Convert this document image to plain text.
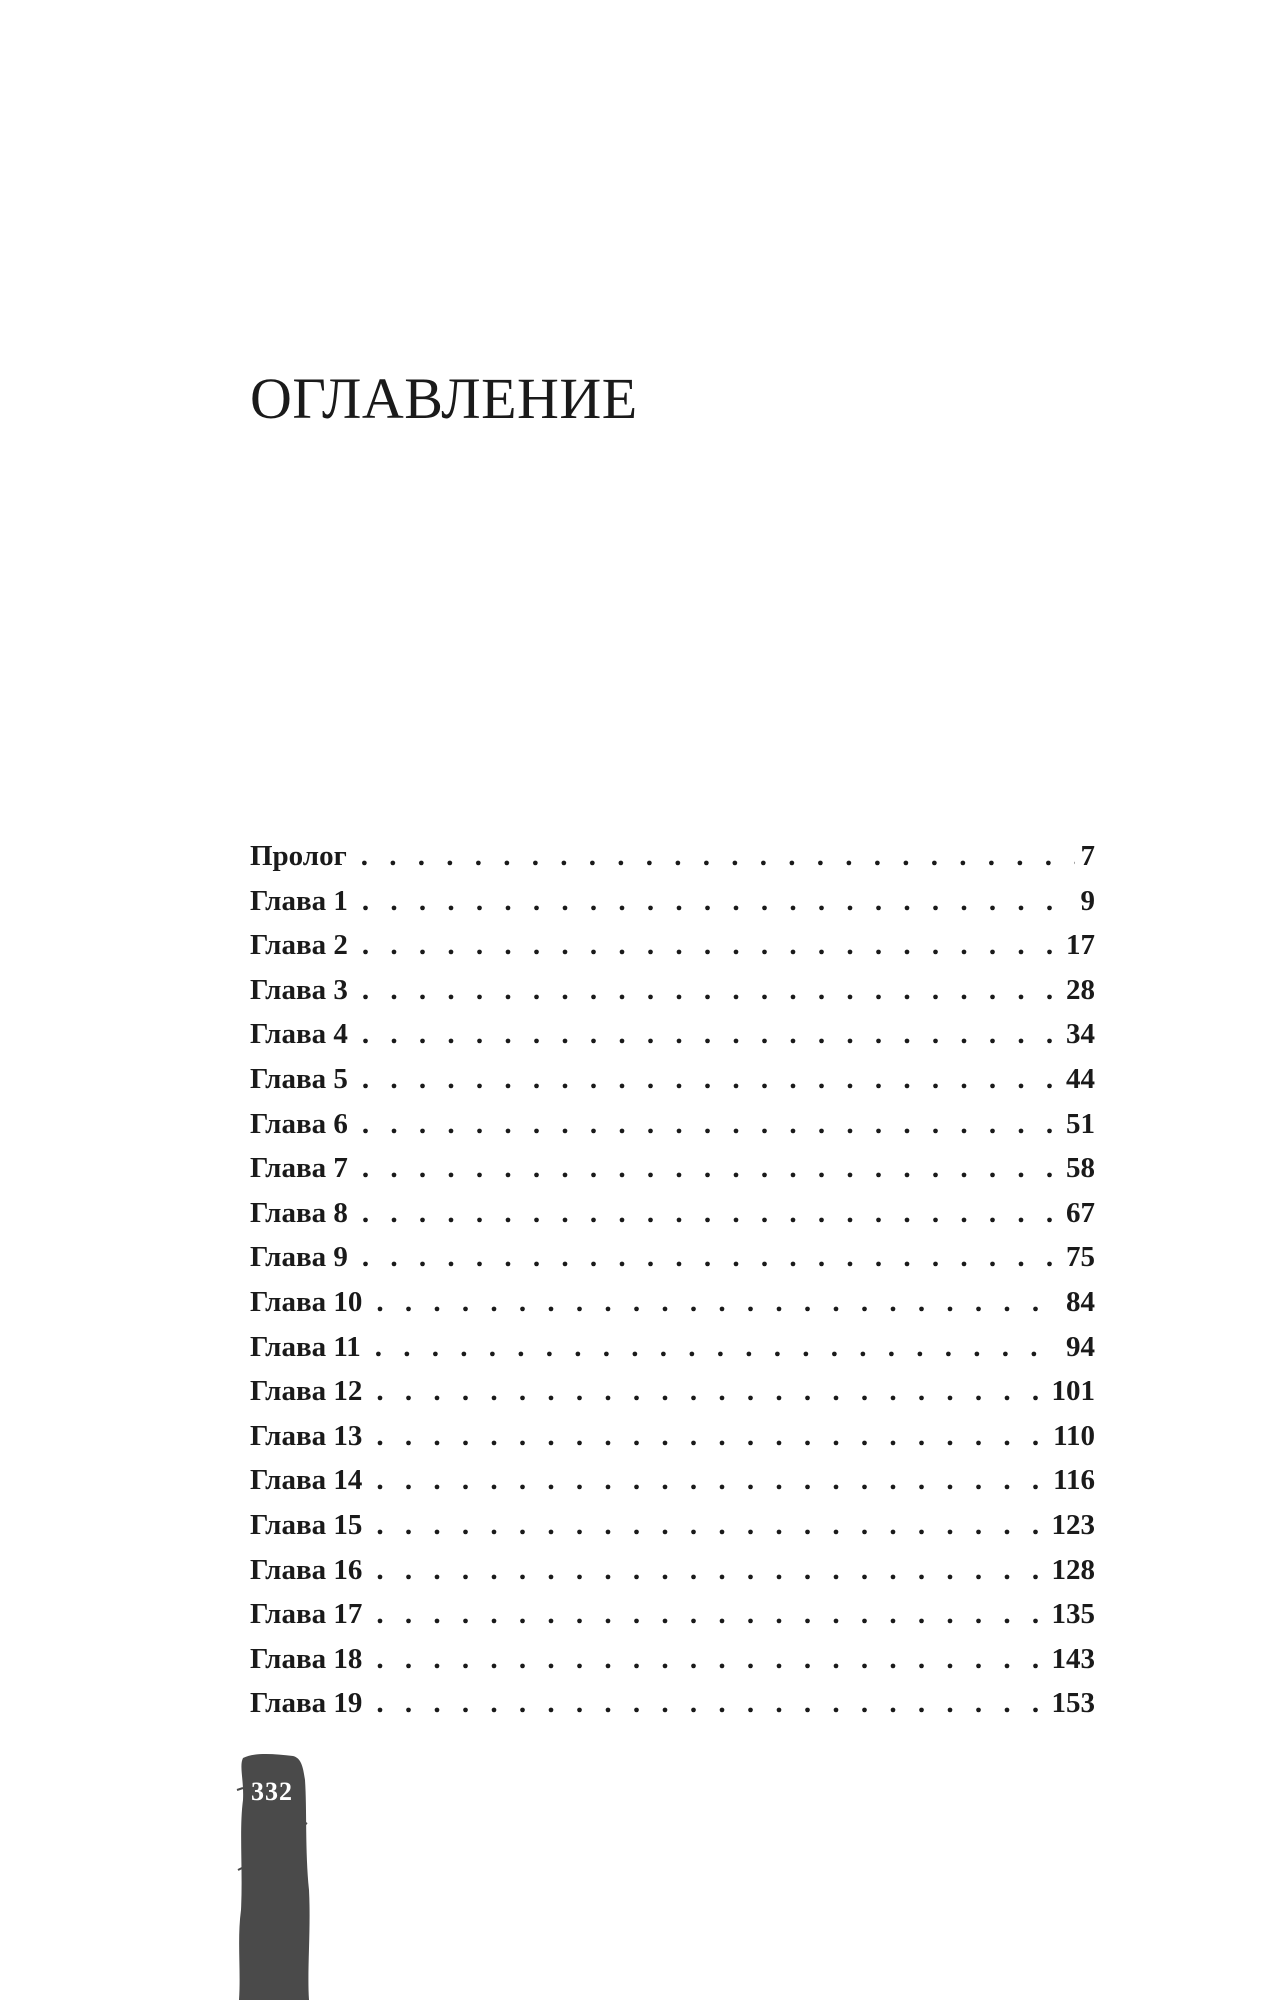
ОГЛАВЛЕНИЕ
Пролог . . .	7
Глава 1 . . .	9
Глава 2 . . .	17
Глава 3 . . .	28
Глава 4 . . .	34
Глава 5 . . .	44
Глава 6 . . .	51
Глава 7 . . .	58
Глава 8 . . .	67
Глава 9 . . .	75
Глава 10 . . .	84
Глава 11 . . .	94
Глава 12 . . .	101
Глава 13 . . .	110
Глава 14 . . .	116
Глава 15 . . .	123
Глава 16 . . .	128
Глава 17 . . .	135
Глава 18 . . .	143
Глава 19 . . .	153
332
